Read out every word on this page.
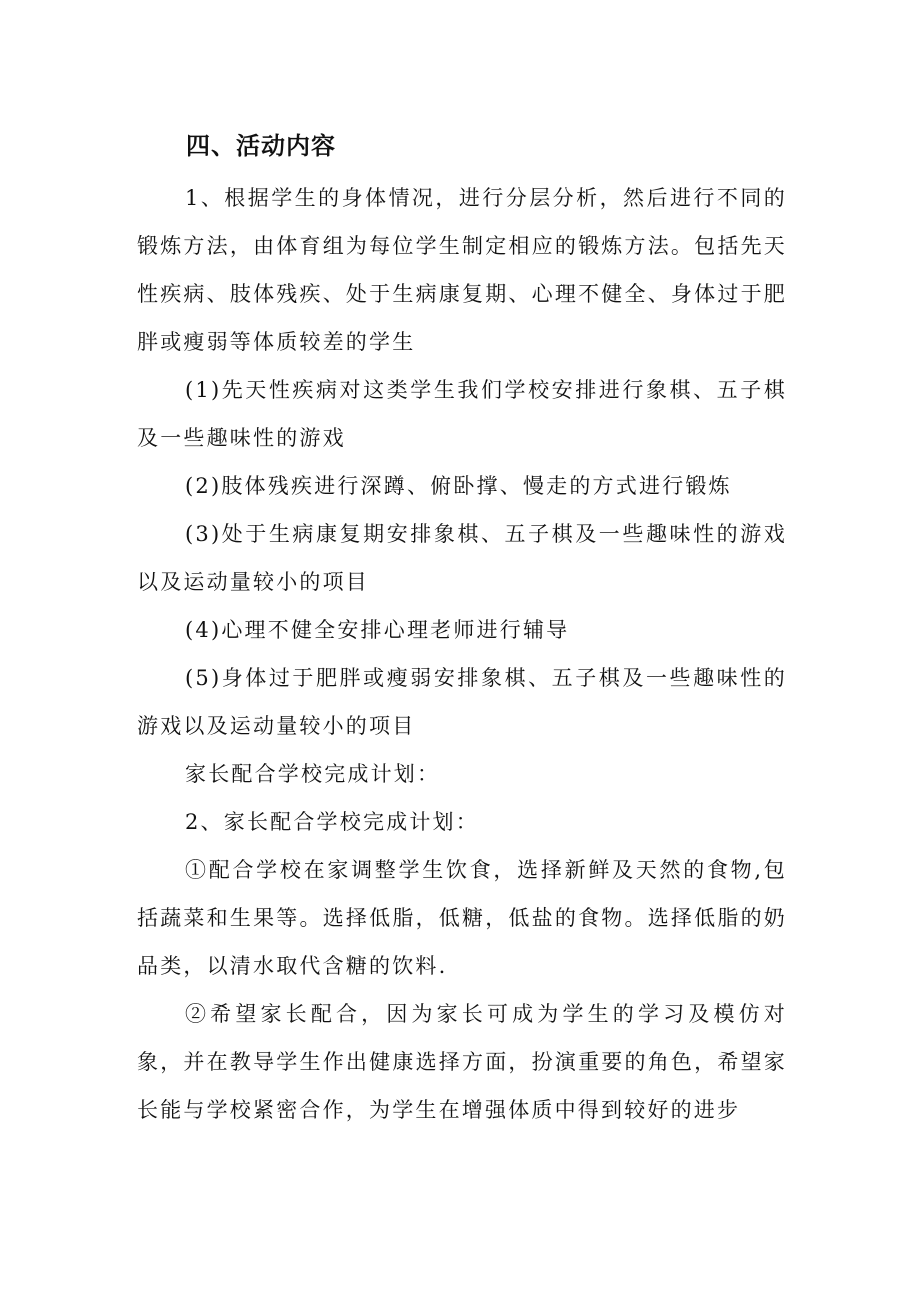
四、活动内容

1、根据学生的身体情况，进行分层分析，然后进行不同的锻炼方法，由体育组为每位学生制定相应的锻炼方法。包括先天性疾病、肢体残疾、处于生病康复期、心理不健全、身体过于肥胖或瘦弱等体质较差的学生

(1)先天性疾病对这类学生我们学校安排进行象棋、五子棋及一些趣味性的游戏

(2)肢体残疾进行深蹲、俯卧撑、慢走的方式进行锻炼

(3)处于生病康复期安排象棋、五子棋及一些趣味性的游戏以及运动量较小的项目

(4)心理不健全安排心理老师进行辅导

(5)身体过于肥胖或瘦弱安排象棋、五子棋及一些趣味性的游戏以及运动量较小的项目

家长配合学校完成计划：

2、家长配合学校完成计划：

①配合学校在家调整学生饮食，选择新鲜及天然的食物,包括蔬菜和生果等。选择低脂，低糖，低盐的食物。选择低脂的奶品类，以清水取代含糖的饮料.

②希望家长配合，因为家长可成为学生的学习及模仿对象，并在教导学生作出健康选择方面，扮演重要的角色，希望家长能与学校紧密合作，为学生在增强体质中得到较好的进步
